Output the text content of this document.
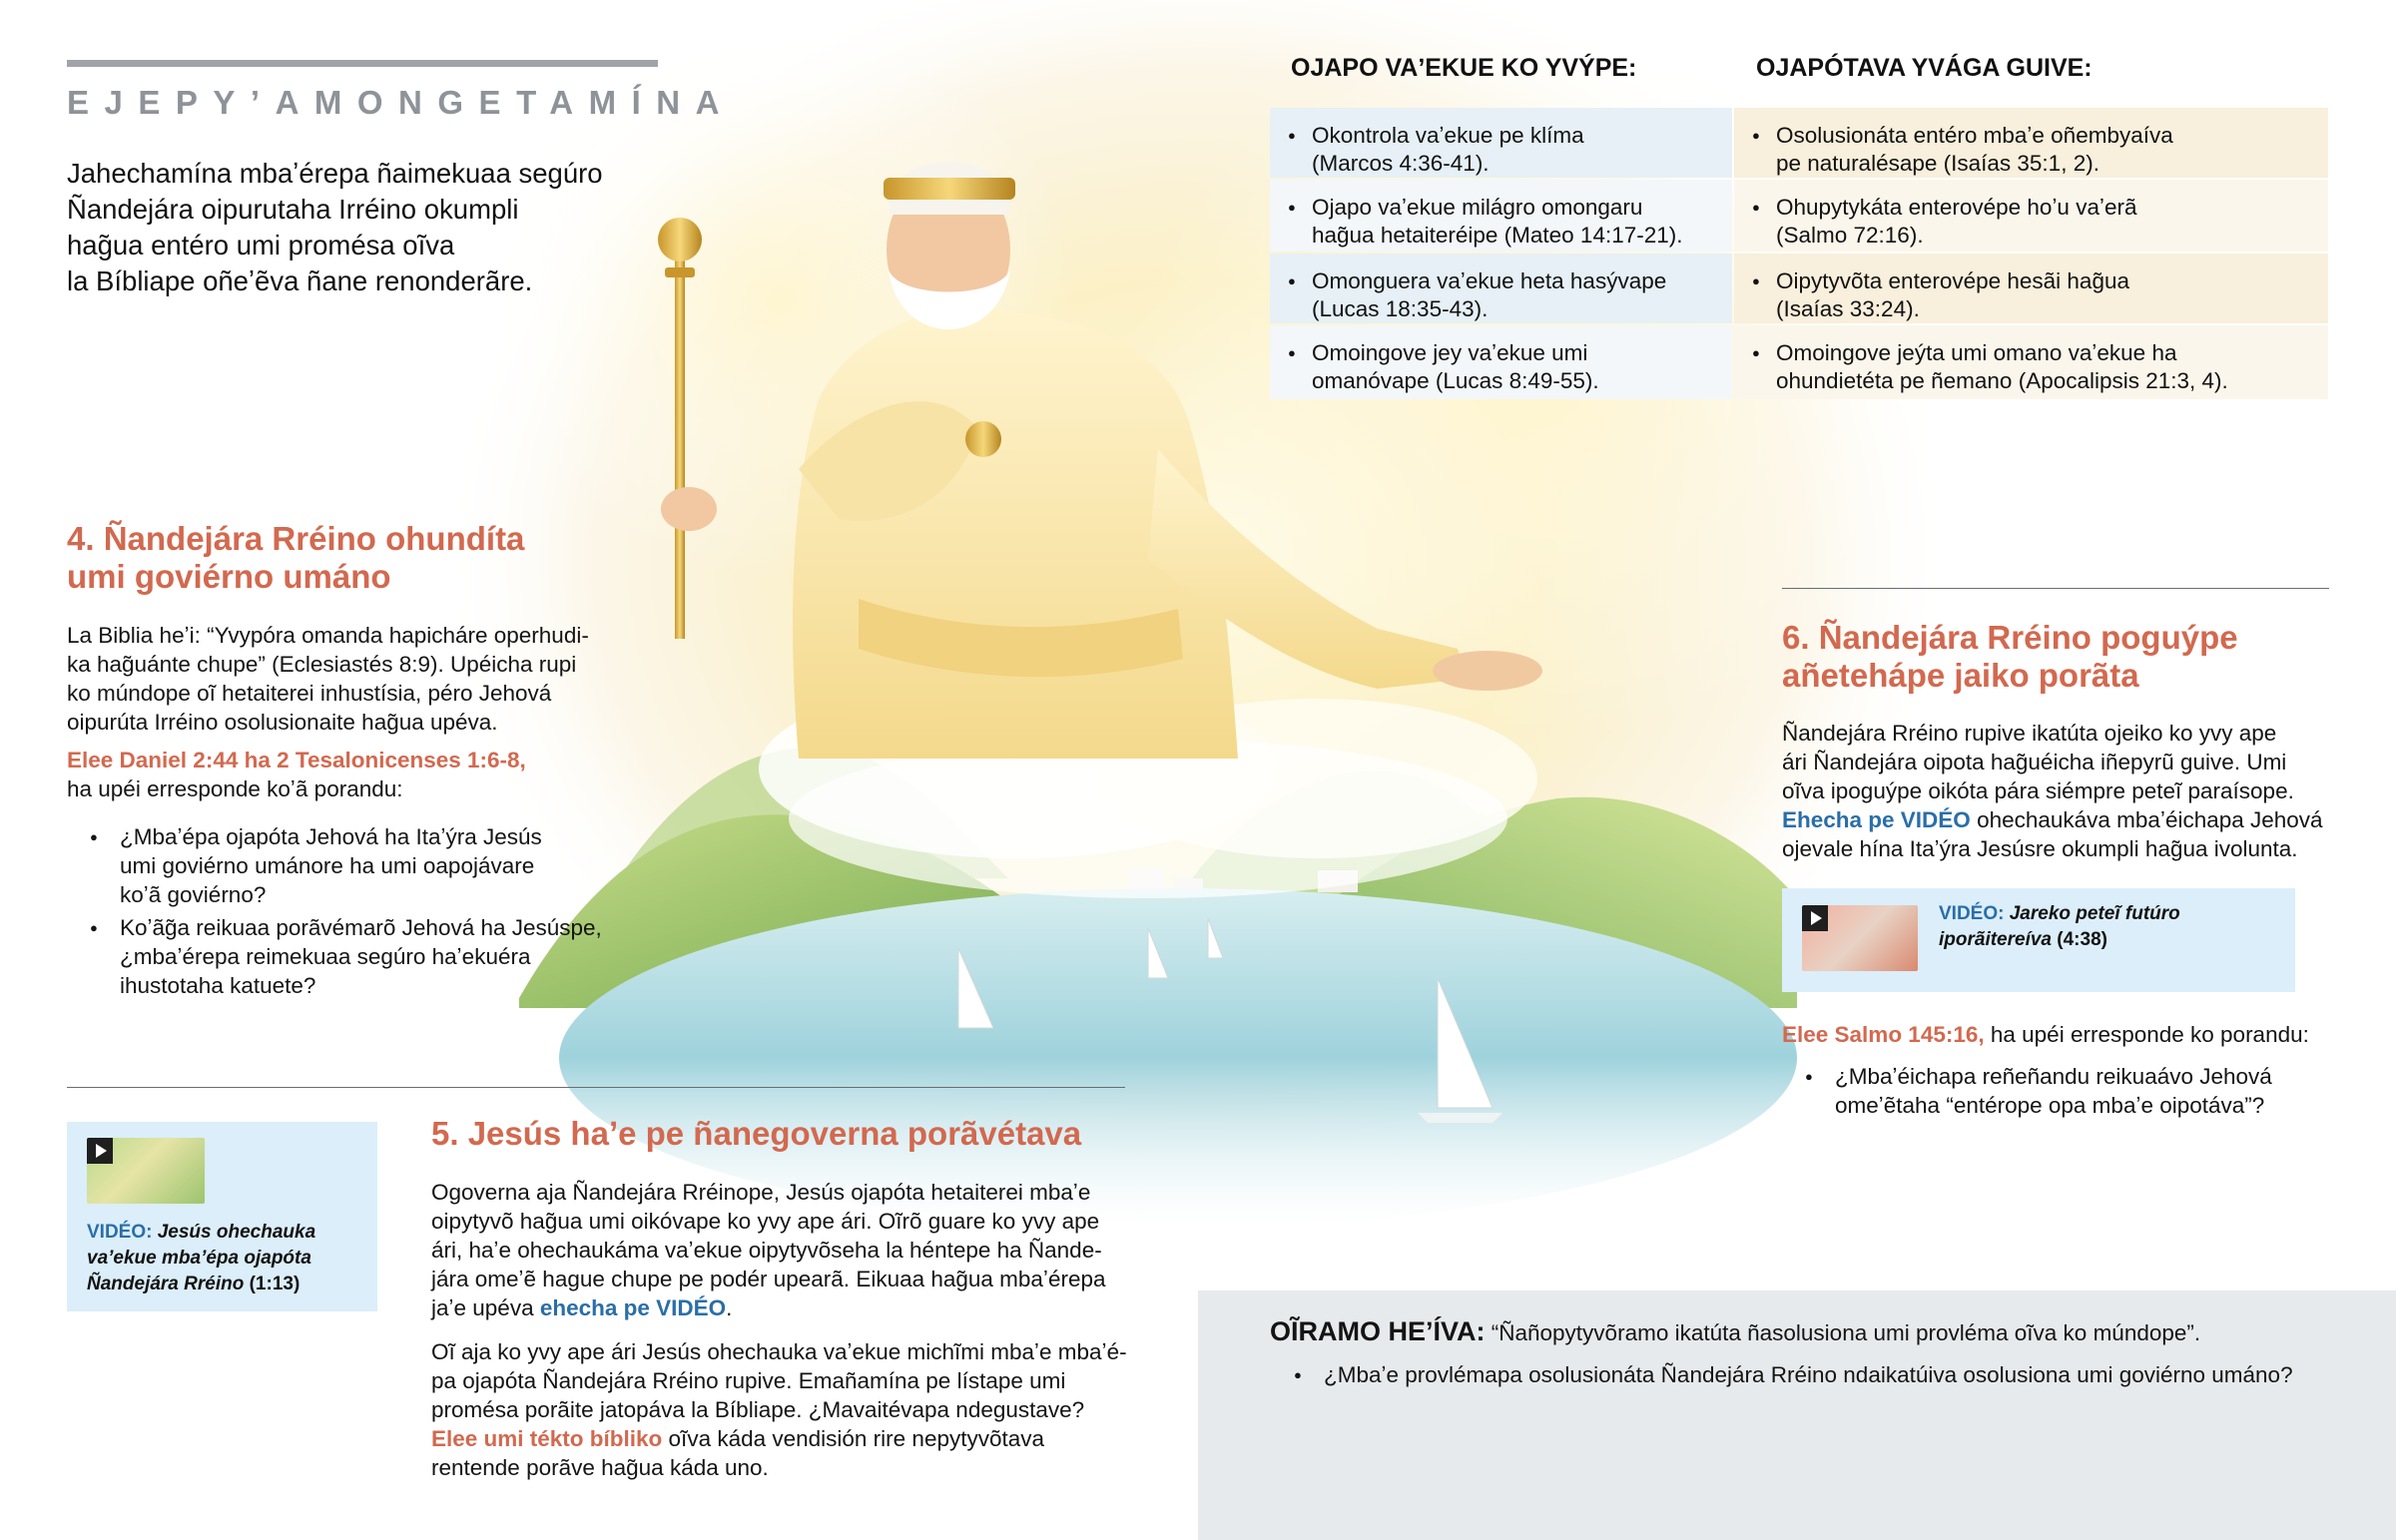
EJEPY’AMONGETAMÍNA
Jahechamína mbaʼérepa ñaimekuaa segúro
Ñandejára oipurutaha Irréino okumpli
hag̃ua entéro umi promésa oĩva
la Bíbliape oñeʼẽva ñane renonderãre.
OJAPO VAʼEKUE KO YVÝPE:	OJAPÓTAVA YVÁGA GUIVE:
● Okontrola vaʼekue pe klíma
(Marcos 4:36-41).
● Ojapo vaʼekue milágro omongaru
hag̃ua hetaiteréipe (Mateo 14:17-21).
● Omonguera vaʼekue heta hasývape
(Lucas 18:35-43).
● Omoingove jey vaʼekue umi
omanóvape (Lucas 8:49-55).
● Osolusionáta entéro mbaʼe oñembyaíva
pe naturalésape (Isaías 35:1, 2).
● Ohupytykáta enterovépe hoʼu vaʼerã
(Salmo 72:16).
● Oipytyvõta enterovépe hesãi hag̃ua
(Isaías 33:24).
● Omoingove jeýta umi omano vaʼekue ha
ohundietéta pe ñemano (Apocalipsis 21:3, 4).
4. Ñandejára Rréino ohundíta
umi goviérno umáno
La Biblia heʼi: “Yvypóra omanda hapicháre operhudi-
ka hag̃uánte chupe” (Eclesiastés 8:9). Upéicha rupi
ko múndope oĩ hetaiterei inhustísia, péro Jehová
oipurúta Irréino osolusionaite hag̃ua upéva.
Elee Daniel 2:44 ha 2 Tesalonicenses 1:6-8,
ha upéi erresponde koʼã porandu:
● ¿Mbaʼépa ojapóta Jehová ha Itaʼýra Jesús
umi goviérno umánore ha umi oapojávare
koʼã goviérno?
● Koʼãg̃a reikuaa porãvémarõ Jehová ha Jesúspe,
¿mbaʼérepa reimekuaa segúro haʼekuéra
ihustotaha katuete?
VIDÉO: Jesús ohechauka
vaʼekue mbaʼépa ojapóta
Ñandejára Rréino (1:13)
5. Jesús haʼe pe ñanegoverna porãvétava
Ogoverna aja Ñandejára Rréinope, Jesús ojapóta hetaiterei mbaʼe
oipytyvõ hag̃ua umi oikóvape ko yvy ape ári. Oĩrõ guare ko yvy ape
ári, haʼe ohechaukáma vaʼekue oipytyvõseha la héntepe ha Ñande-
jára omeʼẽ hague chupe pe podér upearã. Eikuaa hag̃ua mbaʼérepa
jaʼe upéva ehecha pe VIDÉO.
Oĩ aja ko yvy ape ári Jesús ohechauka vaʼekue michĩmi mbaʼe mbaʼé-
pa ojapóta Ñandejára Rréino rupive. Emañamína pe lístape umi
promésa porãite jatopáva la Bíbliape. ¿Mavaitévapa ndegustave?
Elee umi tékto bíbliko oĩva káda vendisión rire nepytyvõtava
rentende porãve hag̃ua káda uno.
6. Ñandejára Rréino poguýpe
añetehápe jaiko porãta
Ñandejára Rréino rupive ikatúta ojeiko ko yvy ape
ári Ñandejára oipota hag̃uéicha iñepyrũ guive. Umi
oĩva ipoguýpe oikóta pára siémpre peteĩ paraísope.
Ehecha pe VIDÉO ohechaukáva mbaʼéichapa Jehová
ojevale hína Itaʼýra Jesúsre okumpli hag̃ua ivolunta.
VIDÉO: Jareko peteĩ futúro
iporãitereíva (4:38)
Elee Salmo 145:16, ha upéi erresponde ko porandu:
● ¿Mbaʼéichapa reñeñandu reikuaávo Jehová
omeʼẽtaha “entérope opa mbaʼe oipotáva”?
OĨRAMO HEʼÍVA: “Ñañopytyvõramo ikatúta ñasolusiona umi provléma oĩva ko múndope”.
● ¿Mbaʼe provlémapa osolusionáta Ñandejára Rréino ndaikatúiva osolusiona umi goviérno umáno?
